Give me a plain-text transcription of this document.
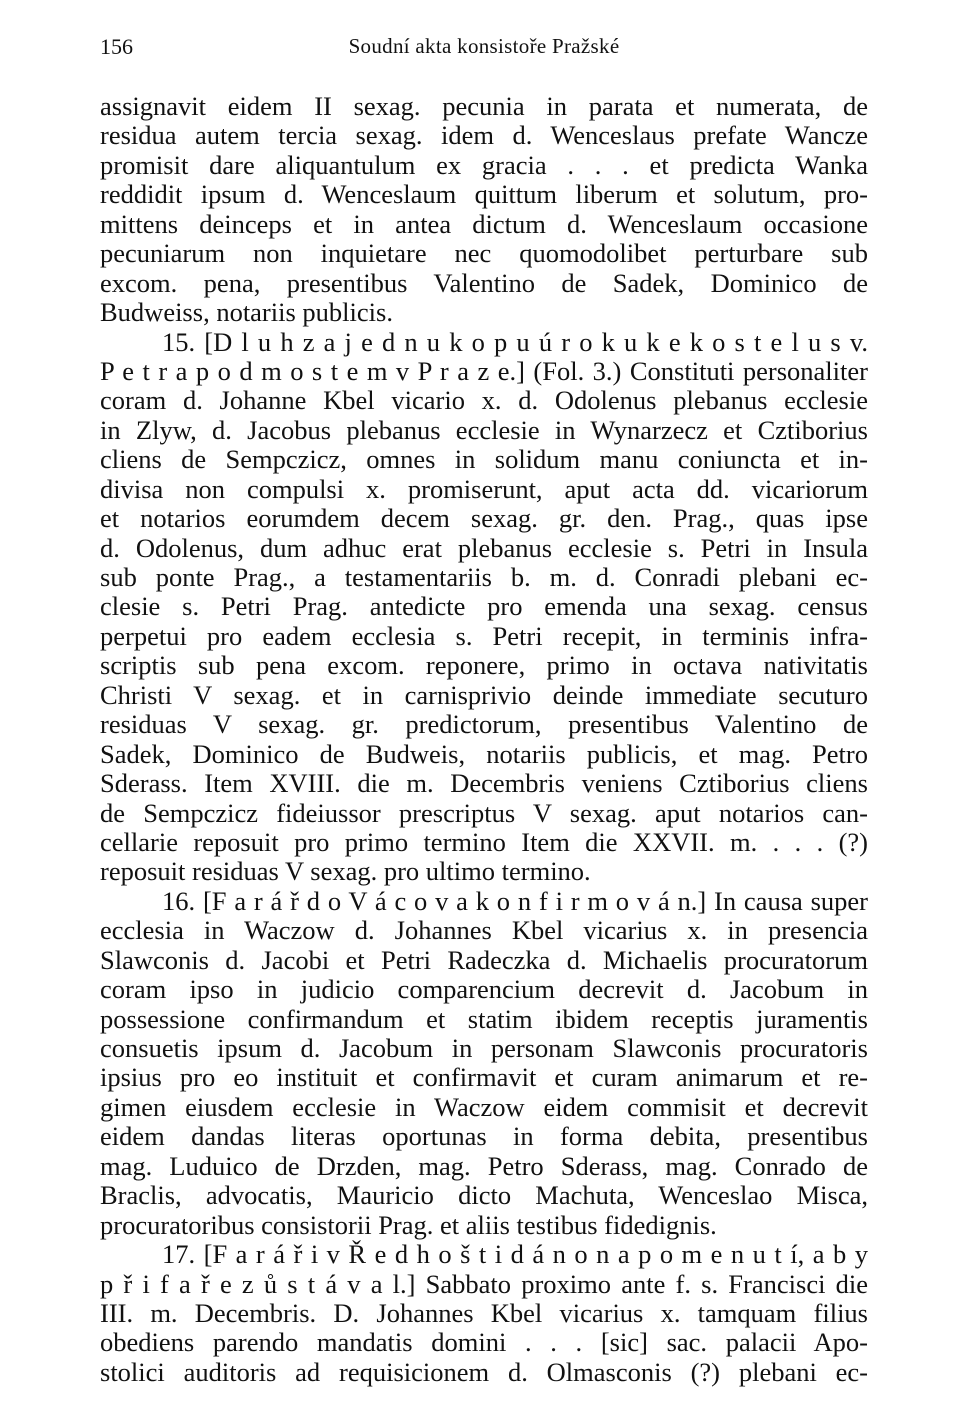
156	Soudní akta konsistoře Pražské
assignavit eidem II sexag. pecunia in parata et numerata, de
residua autem tercia sexag. idem d. Wenceslaus prefate Wancze
promisit dare aliquantulum ex gracia . . . et predicta Wanka
reddidit ipsum d. Wenceslaum quittum liberum et solutum, pro-
mittens deinceps et in antea dictum d. Wenceslaum occasione
pecuniarum non inquietare nec quomodolibet perturbare sub
excom. pena, presentibus Valentino de Sadek, Dominico de
Budweiss, notariis publicis.
15. [D l u h z a j e d n u k o p u ú r o k u k e k o s t e l u s v.
P e t r a p o d m o s t e m v P r a z e.] (Fol. 3.) Constituti personaliter
coram d. Johanne Kbel vicario x. d. Odolenus plebanus ecclesie
in Zlyw, d. Jacobus plebanus ecclesie in Wynarzecz et Cztiborius
cliens de Sempczicz, omnes in solidum manu coniuncta et in-
divisa non compulsi x. promiserunt, aput acta dd. vicariorum
et notarios eorumdem decem sexag. gr. den. Prag., quas ipse
d. Odolenus, dum adhuc erat plebanus ecclesie s. Petri in Insula
sub ponte Prag., a testamentariis b. m. d. Conradi plebani ec-
clesie s. Petri Prag. antedicte pro emenda una sexag. census
perpetui pro eadem ecclesia s. Petri recepit, in terminis infra-
scriptis sub pena excom. reponere, primo in octava nativitatis
Christi V sexag. et in carnisprivio deinde immediate secuturo
residuas V sexag. gr. predictorum, presentibus Valentino de
Sadek, Dominico de Budweis, notariis publicis, et mag. Petro
Sderass. Item XVIII. die m. Decembris veniens Cztiborius cliens
de Sempczicz fideiussor prescriptus V sexag. aput notarios can-
cellarie reposuit pro primo termino Item die XXVII. m. . . . (?)
reposuit residuas V sexag. pro ultimo termino.
16. [F a r á ř d o V á c o v a k o n f i r m o v á n.] In causa super
ecclesia in Waczow d. Johannes Kbel vicarius x. in presencia
Slawconis d. Jacobi et Petri Radeczka d. Michaelis procuratorum
coram ipso in judicio comparencium decrevit d. Jacobum in
possessione confirmandum et statim ibidem receptis juramentis
consuetis ipsum d. Jacobum in personam Slawconis procuratoris
ipsius pro eo instituit et confirmavit et curam animarum et re-
gimen eiusdem ecclesie in Waczow eidem commisit et decrevit
eidem dandas literas oportunas in forma debita, presentibus
mag. Luduico de Drzden, mag. Petro Sderass, mag. Conrado de
Braclis, advocatis, Mauricio dicto Machuta, Wenceslao Misca,
procuratoribus consistorii Prag. et aliis testibus fidedignis.
17. [F a r á ř i v Ř e d h o š t i d á n o n a p o m e n u t í, a b y
p ř i f a ř e z ů s t á v a l.] Sabbato proximo ante f. s. Francisci die
III. m. Decembris. D. Johannes Kbel vicarius x. tamquam filius
obediens parendo mandatis domini . . . [sic] sac. palacii Apo-
stolici auditoris ad requisicionem d. Olmasconis (?) plebani ec-
